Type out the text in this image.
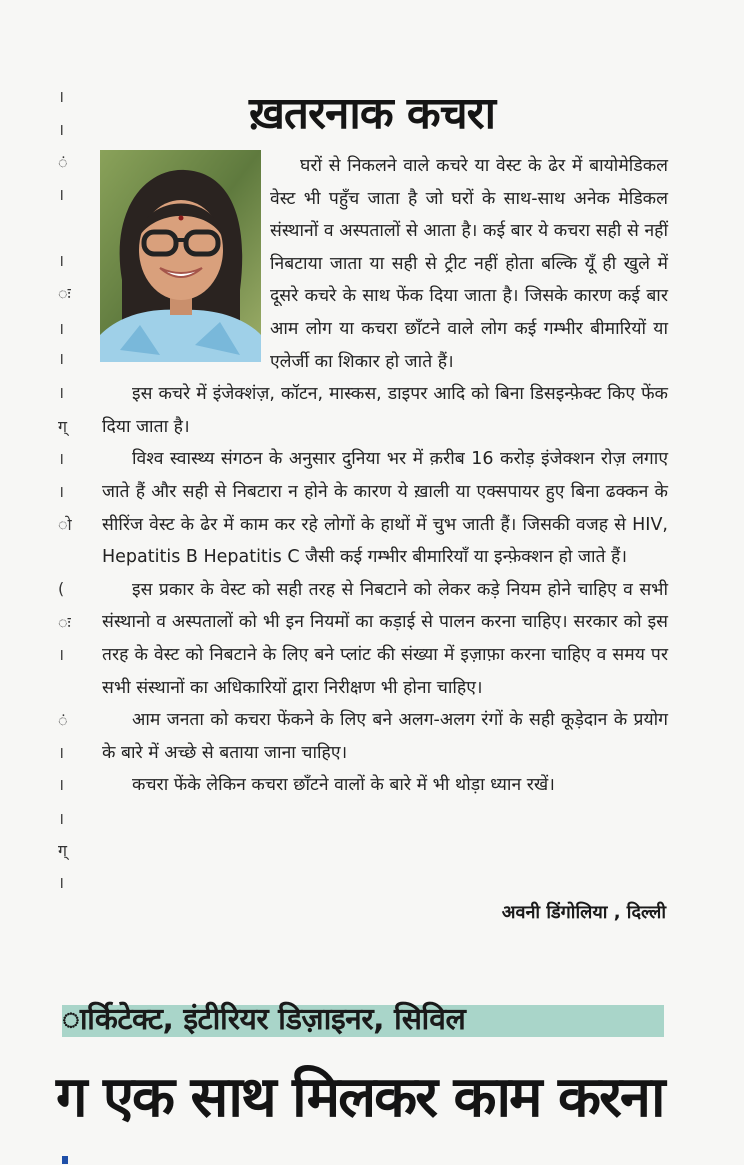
।
।
ं
।
।
ः
।
।
।
ग्
।
।
ो
(
ः
।
ं
।
।
।
ग्
।
ख़तरनाक कचरा

घरों से निकलने वाले कचरे या वेस्ट के ढेर में बायोमेडिकल वेस्ट भी पहुँच जाता है जो घरों के साथ-साथ अनेक मेडिकल संस्थानों व अस्पतालों से आता है। कई बार ये कचरा सही से नहीं निबटाया जाता या सही से ट्रीट नहीं होता बल्कि यूँ ही खुले में दूसरे कचरे के साथ फेंक दिया जाता है। जिसके कारण कई बार आम लोग या कचरा छाँटने वाले लोग कई गम्भीर बीमारियों या एलेर्जी का शिकार हो जाते हैं।

इस कचरे में इंजेक्शंज़, कॉटन, मास्कस, डाइपर आदि को बिना डिसइन्फ़ेक्ट किए फेंक दिया जाता है।

विश्व स्वास्थ्य संगठन के अनुसार दुनिया भर में क़रीब 16 करोड़ इंजेक्शन रोज़ लगाए जाते हैं और सही से निबटारा न होने के कारण ये ख़ाली या एक्सपायर हुए बिना ढक्कन के सीरिंज वेस्ट के ढेर में काम कर रहे लोगों के हाथों में चुभ जाती हैं। जिसकी वजह से HIV, Hepatitis B Hepatitis C जैसी कई गम्भीर बीमारियाँ या इन्फ़ेक्शन हो जाते हैं।

इस प्रकार के वेस्ट को सही तरह से निबटाने को लेकर कड़े नियम होने चाहिए व सभी संस्थानो व अस्पतालों को भी इन नियमों का कड़ाई से पालन करना चाहिए। सरकार को इस तरह के वेस्ट को निबटाने के लिए बने प्लांट की संख्या में इज़ाफ़ा करना चाहिए व समय पर सभी संस्थानों का अधिकारियों द्वारा निरीक्षण भी होना चाहिए।

आम जनता को कचरा फेंकने के लिए बने अलग-अलग रंगों के सही कूड़ेदान के प्रयोग के बारे में अच्छे से बताया जाना चाहिए।

कचरा फेंके लेकिन कचरा छाँटने वालों के बारे में भी थोड़ा ध्यान रखें।

अवनी डिंगोलिया , दिल्ली
ार्किटेक्ट, इंटीरियर डिज़ाइनर, सिविल
ग एक साथ मिलकर काम करना
